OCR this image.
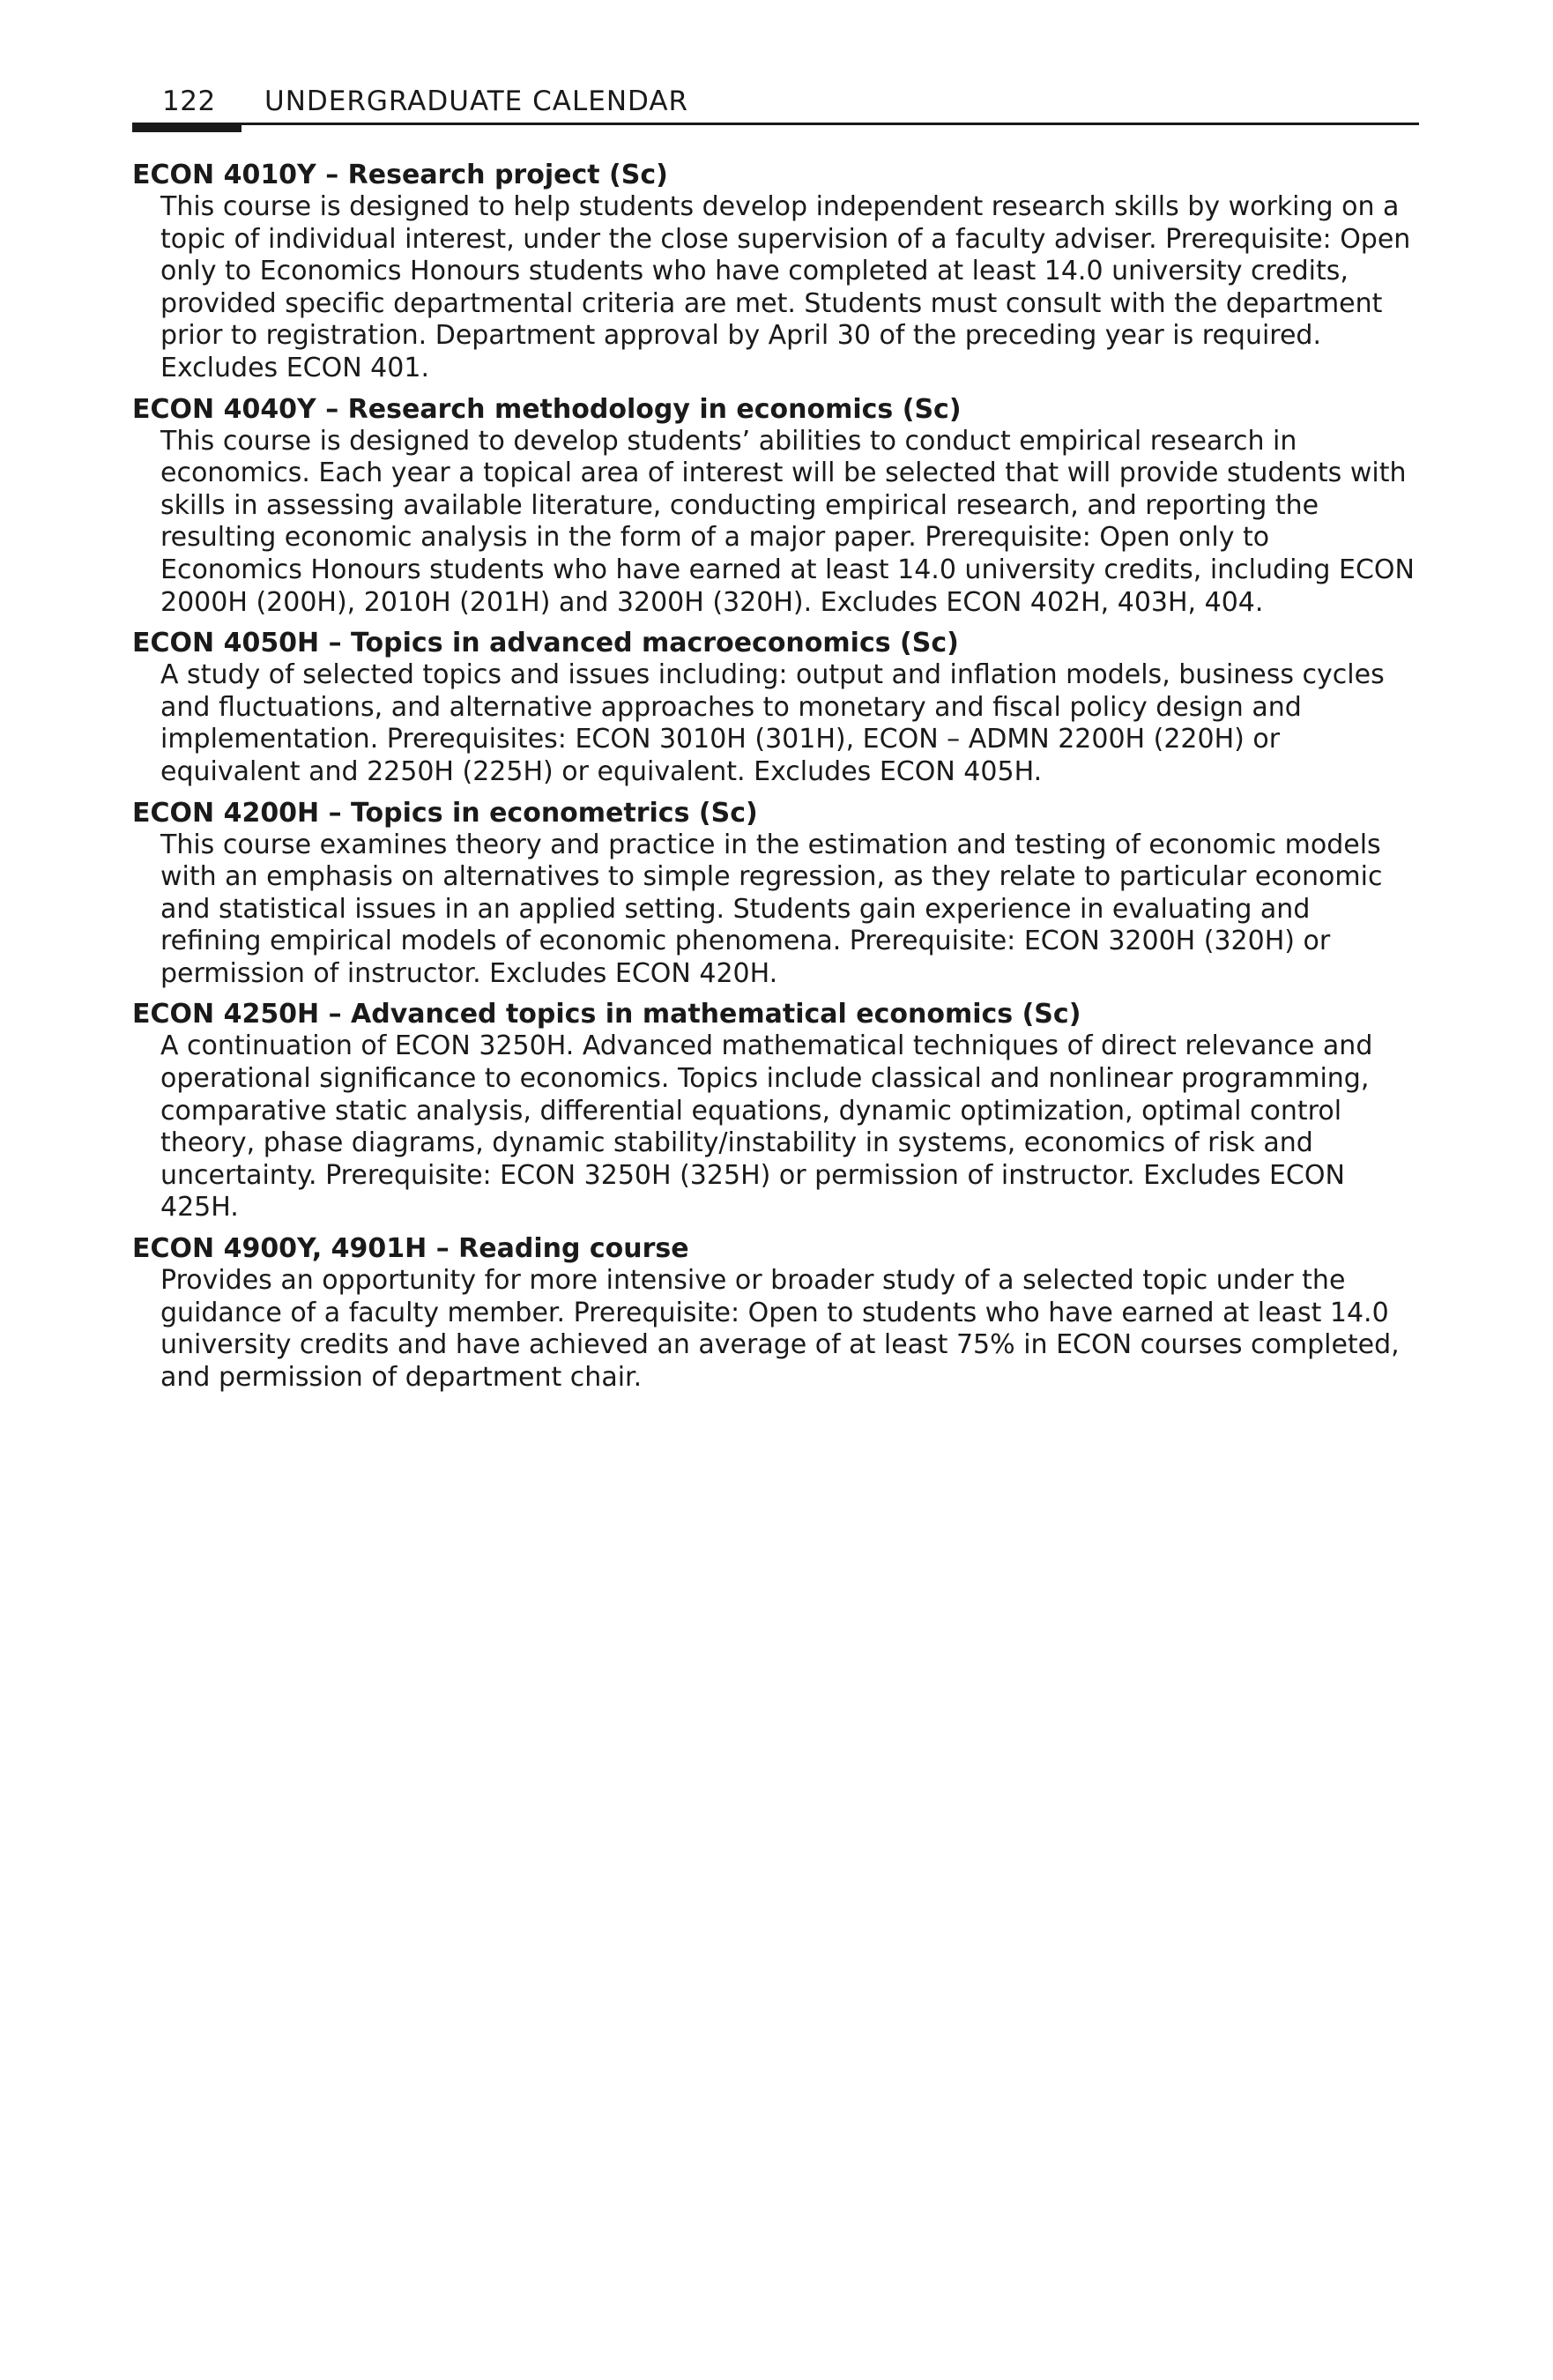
122 UNDERGRADUATE CALENDAR

ECON 4010Y – Research project (Sc)

This course is designed to help students develop independent research skills by working on a topic of individual interest, under the close supervision of a faculty adviser. Prerequisite: Open only to Economics Honours students who have completed at least 14.0 university credits, provided specific departmental criteria are met. Students must consult with the department prior to registration. Department approval by April 30 of the preceding year is required. Excludes ECON 401.

ECON 4040Y – Research methodology in economics (Sc)

This course is designed to develop students’ abilities to conduct empirical research in economics. Each year a topical area of interest will be selected that will provide students with skills in assessing available literature, conducting empirical research, and reporting the resulting economic analysis in the form of a major paper. Prerequisite: Open only to Economics Honours students who have earned at least 14.0 university credits, including ECON 2000H (200H), 2010H (201H) and 3200H (320H). Excludes ECON 402H, 403H, 404.

ECON 4050H – Topics in advanced macroeconomics (Sc)

A study of selected topics and issues including: output and inflation models, business cycles and fluctuations, and alternative approaches to monetary and fiscal policy design and implementation. Prerequisites: ECON 3010H (301H), ECON – ADMN 2200H (220H) or equivalent and 2250H (225H) or equivalent. Excludes ECON 405H.

ECON 4200H – Topics in econometrics (Sc)

This course examines theory and practice in the estimation and testing of economic models with an emphasis on alternatives to simple regression, as they relate to particular economic and statistical issues in an applied setting. Students gain experience in evaluating and refining empirical models of economic phenomena. Prerequisite: ECON 3200H (320H) or permission of instructor. Excludes ECON 420H.

ECON 4250H – Advanced topics in mathematical economics (Sc)

A continuation of ECON 3250H. Advanced mathematical techniques of direct relevance and operational significance to economics. Topics include classical and nonlinear programming, comparative static analysis, differential equations, dynamic optimization, optimal control theory, phase diagrams, dynamic stability/instability in systems, economics of risk and uncertainty. Prerequisite: ECON 3250H (325H) or permission of instructor. Excludes ECON 425H.

ECON 4900Y, 4901H – Reading course

Provides an opportunity for more intensive or broader study of a selected topic under the guidance of a faculty member. Prerequisite: Open to students who have earned at least 14.0 university credits and have achieved an average of at least 75% in ECON courses completed, and permission of department chair.
